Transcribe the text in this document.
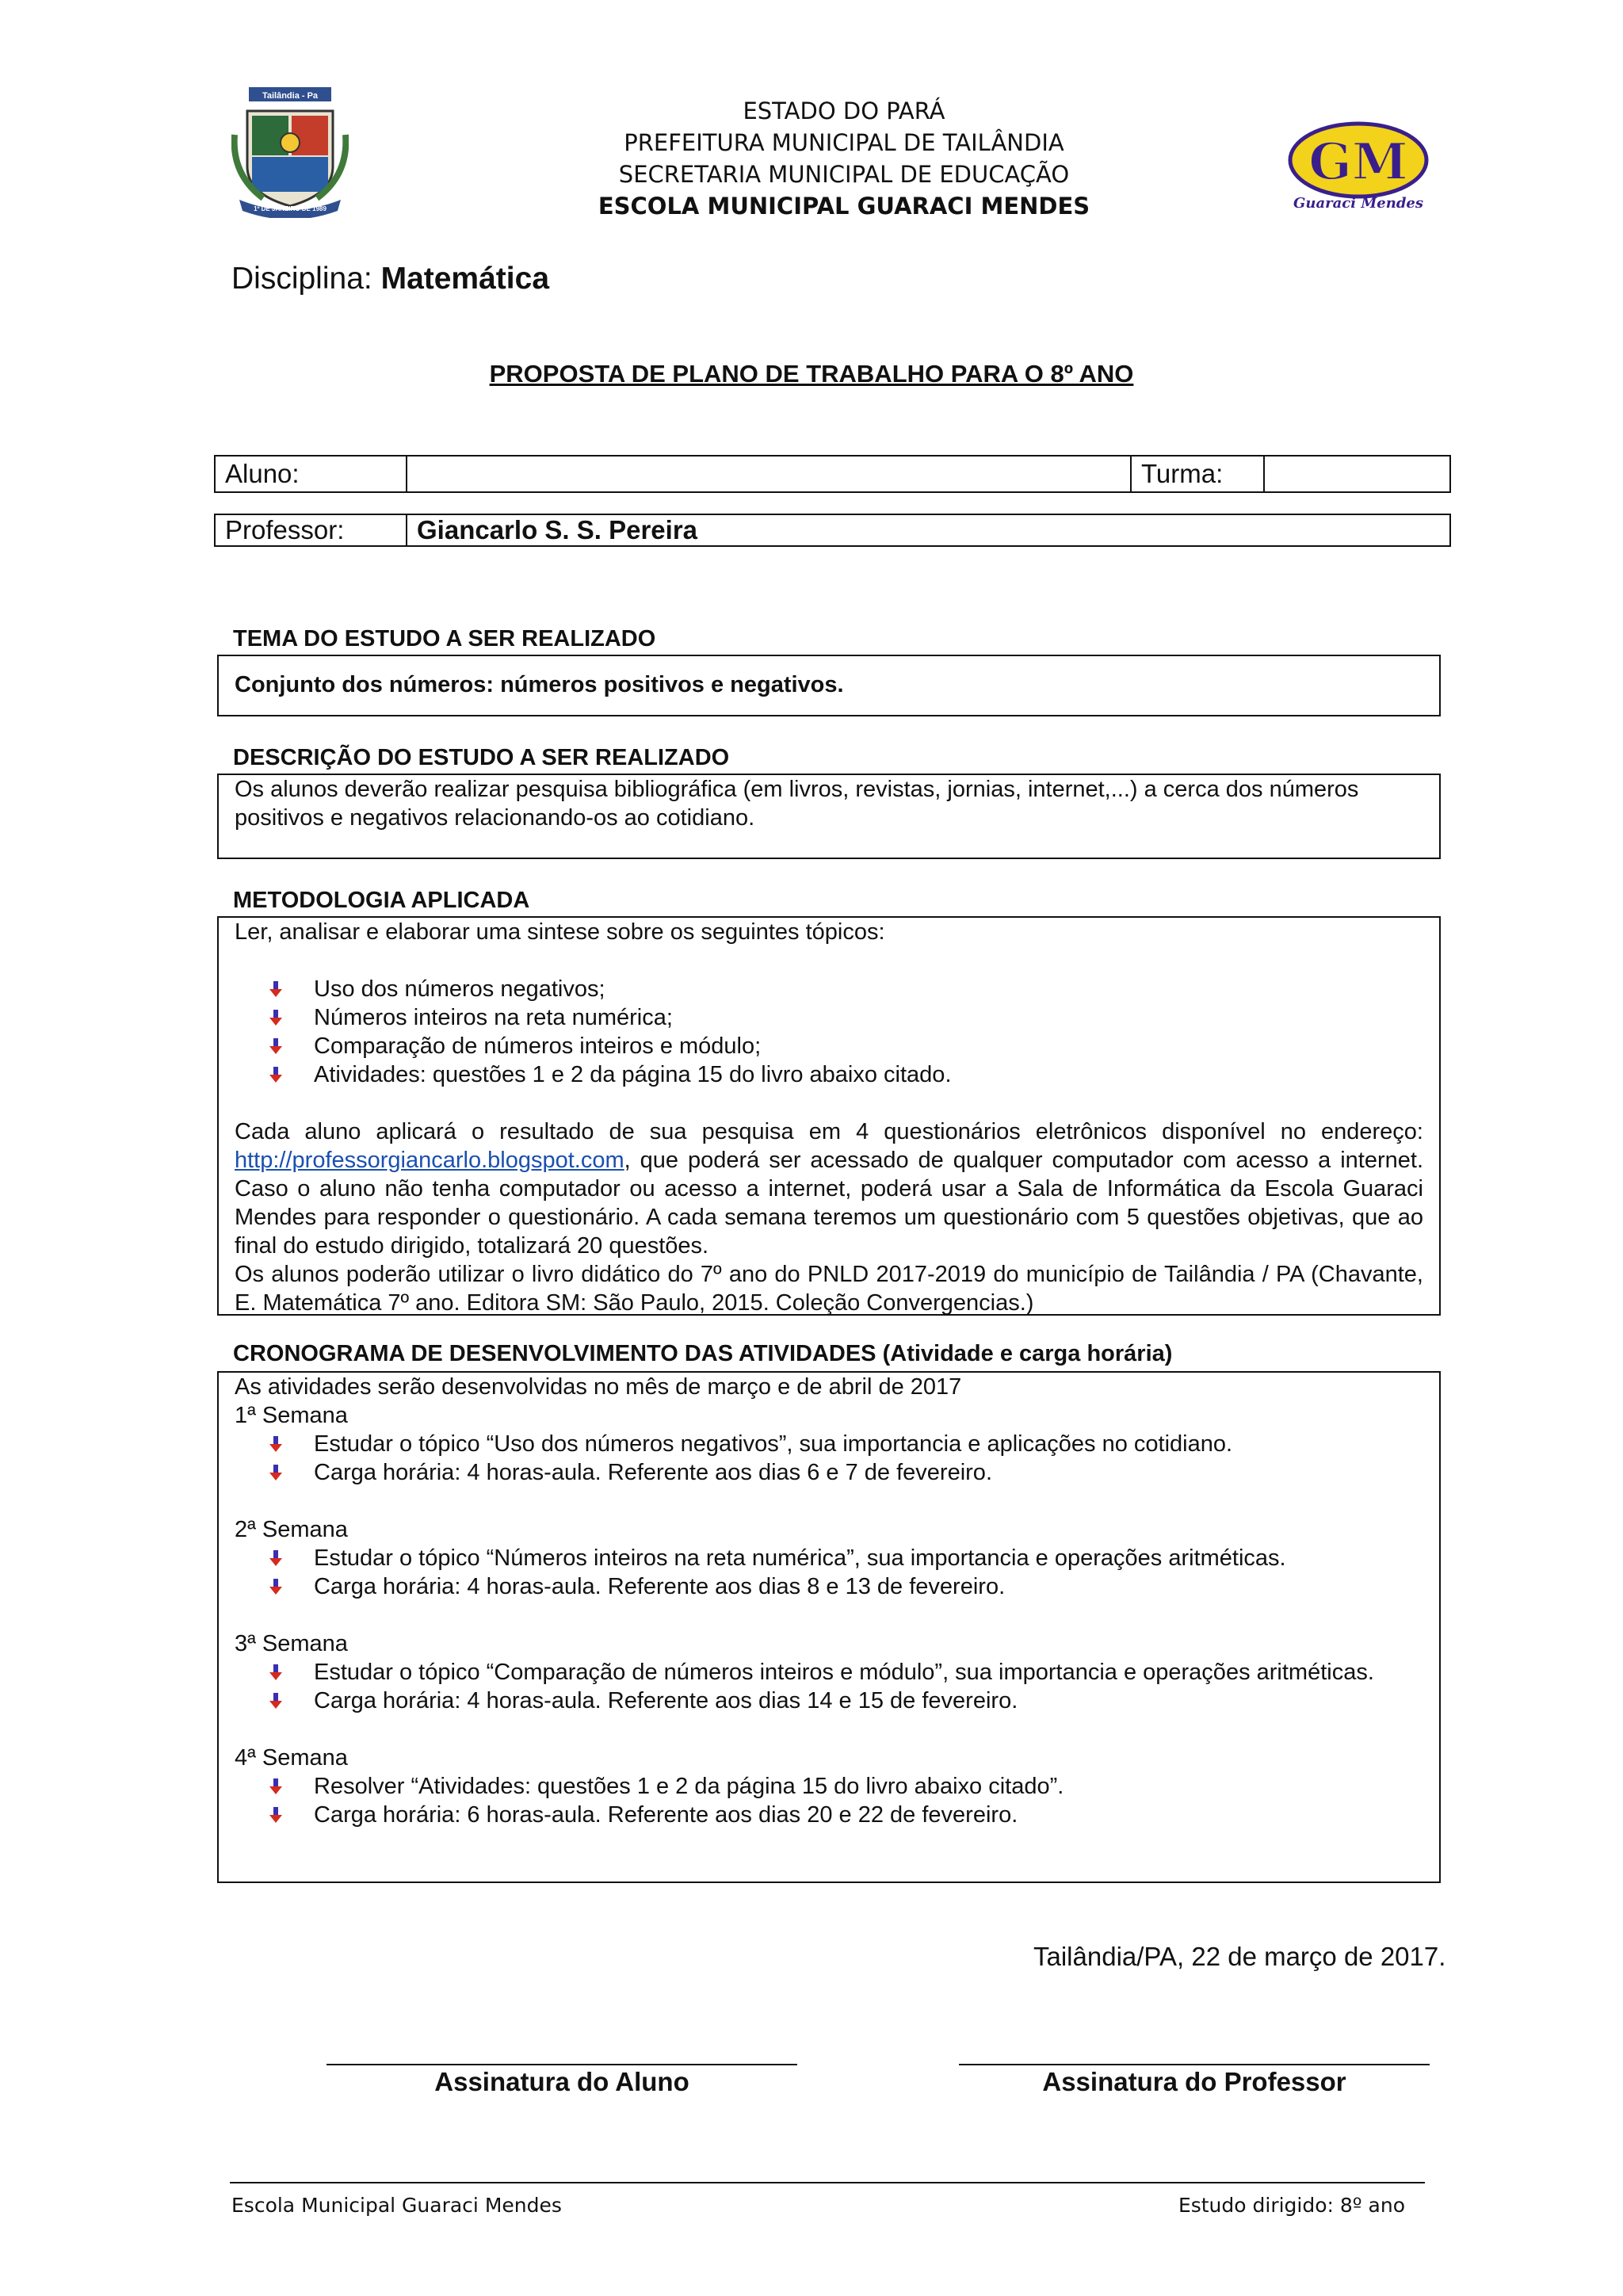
Tailândia - Pa
1º DE JANEIRO DE 1989
ESTADO DO PARÁ
PREFEITURA MUNICIPAL DE TAILÂNDIA
SECRETARIA MUNICIPAL DE EDUCAÇÃO
ESCOLA MUNICIPAL GUARACI MENDES
GM
Guaraci Mendes
Disciplina: Matemática
PROPOSTA DE PLANO DE TRABALHO PARA O 8º ANO
Aluno:		Turma:	
Professor:	Giancarlo S. S. Pereira
TEMA DO ESTUDO A SER REALIZADO
Conjunto dos números: números positivos e negativos.
DESCRIÇÃO DO ESTUDO A SER REALIZADO
Os alunos deverão realizar pesquisa bibliográfica (em livros, revistas, jornias, internet,...) a cerca dos números positivos e negativos relacionando-os ao cotidiano.
METODOLOGIA APLICADA
Ler, analisar e elaborar uma sintese sobre os seguintes tópicos:
Uso dos números negativos;
Números inteiros na reta numérica;
Comparação de números inteiros e módulo;
Atividades: questões 1 e 2 da página 15 do livro abaixo citado.
Cada aluno aplicará o resultado de sua pesquisa em 4 questionários eletrônicos disponível no endereço: http://professorgiancarlo.blogspot.com, que poderá ser acessado de qualquer computador com acesso a internet. Caso o aluno não tenha computador ou acesso a internet, poderá usar a Sala de Informática da Escola Guaraci Mendes para responder o questionário. A cada semana teremos um questionário com 5 questões objetivas, que ao final do estudo dirigido, totalizará 20 questões.
Os alunos poderão utilizar o livro didático do 7º ano do PNLD 2017-2019 do município de Tailândia / PA (Chavante, E. Matemática 7º ano. Editora SM: São Paulo, 2015. Coleção Convergencias.)
CRONOGRAMA DE DESENVOLVIMENTO DAS ATIVIDADES (Atividade e carga horária)
As atividades serão desenvolvidas no mês de março e de abril de 2017
1ª Semana
Estudar o tópico “Uso dos números negativos”, sua importancia e aplicações no cotidiano.
Carga horária: 4 horas-aula. Referente aos dias 6 e 7 de fevereiro.
2ª Semana
Estudar o tópico “Números inteiros na reta numérica”, sua importancia e operações aritméticas.
Carga horária: 4 horas-aula. Referente aos dias 8 e 13 de fevereiro.
3ª Semana
Estudar o tópico “Comparação de números inteiros e módulo”, sua importancia e operações aritméticas.
Carga horária: 4 horas-aula. Referente aos dias 14 e 15 de fevereiro.
4ª Semana
Resolver “Atividades: questões 1 e 2 da página 15 do livro abaixo citado”.
Carga horária: 6 horas-aula. Referente aos dias 20 e 22 de fevereiro.
Tailândia/PA, 22 de março de 2017.
Assinatura do Aluno	Assinatura do Professor
Escola Municipal Guaraci Mendes	Estudo dirigido: 8º ano
